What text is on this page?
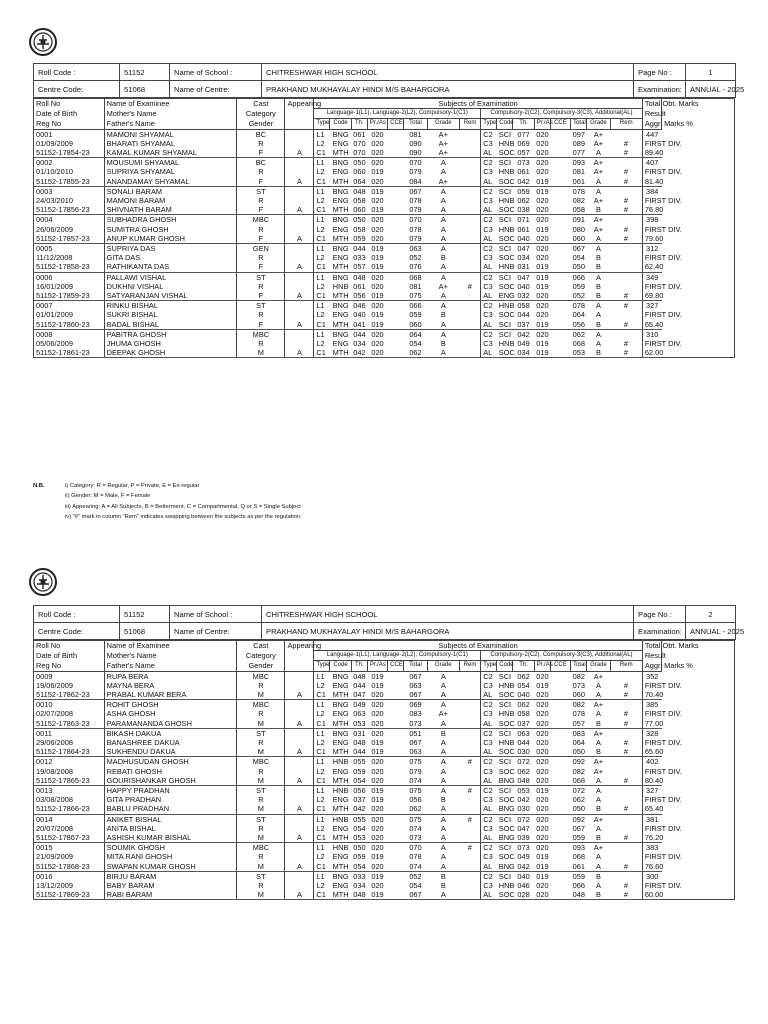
Roll Code :	51152	Name of School :	CHITRESHWAR HIGH SCHOOL	Page No :	1
Centre Code:	51068	Name of Centre:	PRAKHAND MUKHAYALAY HINDI M/S BAHARGORA	Examination:	ANNUAL - 2025
Roll No	Name of Examinee	Cast	Appearing	Subjects of Examination																Total Obt. Marks
Date of Birth	Mother's Name	Category		Language-1(L1), Language-2(L2), Compulsory-1(C1)								Compulsory-2(C2), Compulsory-3(C3), Additional(AL)								Result
Reg No	Father's Name	Gender		Type	Code	Th.	Pr./As	CCE	Total	Grade	Rem	Type	Code	Th.	Pr./As	CCE	Total	Grade	Rem	Aggr. Marks %
0001	MAMONI SHYAMAL	BC		L1	BNG	061	020		081	A+		C2	SCI	077	020		097	A+		447
01/09/2009	BHARATI SHYAMAL	R		L2	ENG	070	020		090	A+		C3	HNB	069	020		089	A+	#	FIRST DIV.
51152-17854-23	KAMAL KUMAR SHYAMAL	F	A	C1	MTH	070	020		090	A+		AL	SOC	057	020		077	A	#	89.40
0002	MOUSUMI SHYAMAL	BC		L1	BNG	050	020		070	A		C2	SCI	073	020		093	A+		407
01/10/2010	SUPRIYA SHYAMAL	R		L2	ENG	060	019		079	A		C3	HNB	061	020		081	A+	#	FIRST DIV.
51152-17855-23	ANANDAMAY SHYAMAL	F	A	C1	MTH	064	020		084	A+		AL	SOC	042	019		061	A	#	81.40
0003	SONALI BARAM	ST		L1	BNG	048	019		067	A		C2	SCI	059	019		078	A		384
24/03/2010	MAMONI BARAM	R		L2	ENG	058	020		078	A		C3	HNB	062	020		082	A+	#	FIRST DIV.
51152-17856-23	SHIVNATH BARAM	F	A	C1	MTH	060	019		079	A		AL	SOC	038	020		058	B	#	76.80
0004	SUBHADRA GHOSH	MBC		L1	BNG	050	020		070	A		C2	SCI	071	020		091	A+		398
26/06/2009	SUMITRA GHOSH	R		L2	ENG	058	020		078	A		C3	HNB	061	019		080	A+	#	FIRST DIV.
51152-17857-23	ANUP KUMAR GHOSH	F	A	C1	MTH	059	020		079	A		AL	SOC	040	020		060	A	#	79.60
0005	SUPRIYA DAS	GEN		L1	BNG	044	019		063	A		C2	SCI	047	020		067	A		312
11/12/2008	GITA DAS	R		L2	ENG	033	019		052	B		C3	SOC	034	020		054	B		FIRST DIV.
51152-17858-23	RATHIKANTA DAS	F	A	C1	MTH	057	019		076	A		AL	HNB	031	019		050	B		62.40
0006	PALLAWI VISHAL	ST		L1	BNG	048	020		068	A		C2	SCI	047	019		066	A		349
16/01/2009	DUKHNI VISHAL	R		L2	HNB	061	020		081	A+	#	C3	SOC	040	019		059	B		FIRST DIV.
51152-17859-23	SATYARANJAN VISHAL	F	A	C1	MTH	056	019		075	A		AL	ENG	032	020		052	B	#	69.80
0007	RINKU BISHAL	ST		L1	BNG	046	020		066	A		C2	HNB	058	020		078	A	#	327
01/01/2009	SUKRI BISHAL	R		L2	ENG	040	019		059	B		C3	SOC	044	020		064	A		FIRST DIV.
51152-17860-23	BADAL BISHAL	F	A	C1	MTH	041	019		060	A		AL	SCI	037	019		056	B	#	65.40
0008	PABITRA GHOSH	MBC		L1	BNG	044	020		064	A		C2	SCI	042	020		062	A		310
05/06/2009	JHUMA GHOSH	R		L2	ENG	034	020		054	B		C3	HNB	049	019		068	A	#	FIRST DIV.
51152-17861-23	DEEPAK GHOSH	M	A	C1	MTH	042	020		062	A		AL	SOC	034	019		053	B	#	62.00
Roll Code :	51152	Name of School :	CHITRESHWAR HIGH SCHOOL	Page No :	2
Centre Code:	51068	Name of Centre:	PRAKHAND MUKHAYALAY HINDI M/S BAHARGORA	Examination:	ANNUAL - 2025
Roll No	Name of Examinee	Cast	Appearing	Subjects of Examination																Total Obt. Marks
Date of Birth	Mother's Name	Category		Language-1(L1), Language-2(L2), Compulsory-1(C1)								Compulsory-2(C2), Compulsory-3(C3), Additional(AL)								Result
Reg No	Father's Name	Gender		Type	Code	Th.	Pr./As	CCE	Total	Grade	Rem	Type	Code	Th.	Pr./As	CCE	Total	Grade	Rem	Aggr. Marks %
0009	RUPA BERA	MBC		L1	BNG	048	019		067	A		C2	SCI	062	020		082	A+		352
19/06/2009	MAYNA BERA	R		L2	ENG	044	019		063	A		C3	HNB	054	019		073	A	#	FIRST DIV.
51152-17862-23	PRABAL KUMAR BERA	M	A	C1	MTH	047	020		067	A		AL	SOC	040	020		060	A	#	70.40
0010	ROHIT GHOSH	MBC		L1	BNG	049	020		069	A		C2	SCI	062	020		082	A+		385
02/07/2008	ASHA GHOSH	R		L2	ENG	063	020		083	A+		C3	HNB	058	020		078	A	#	FIRST DIV.
51152-17863-23	PARAMANANDA GHOSH	M	A	C1	MTH	053	020		073	A		AL	SOC	037	020		057	B	#	77.00
0011	BIKASH DAKUA	ST		L1	BNG	031	020		051	B		C2	SCI	063	020		083	A+		328
29/06/2008	BANASHREE DAKUA	R		L2	ENG	048	019		067	A		C3	HNB	044	020		064	A	#	FIRST DIV.
51152-17864-23	SUKHENDU DAKUA	M	A	C1	MTH	044	019		063	A		AL	SOC	030	020		050	B	#	65.60
0012	MADHUSUDAN GHOSH	MBC		L1	HNB	055	020		075	A	#	C2	SCI	072	020		092	A+		402
19/08/2008	REBATI GHOSH	R		L2	ENG	059	020		079	A		C3	SOC	062	020		082	A+		FIRST DIV.
51152-17865-23	GOURISHANKAR GHOSH	M	A	C1	MTH	054	020		074	A		AL	BNG	048	020		068	A	#	80.40
0013	HAPPY PRADHAN	ST		L1	HNB	056	019		075	A	#	C2	SCI	053	019		072	A		327
03/08/2008	GITA PRADHAN	R		L2	ENG	037	019		056	B		C3	SOC	042	020		062	A		FIRST DIV.
51152-17866-23	BABLU PRADHAN	M	A	C1	MTH	042	020		062	A		AL	BNG	030	020		050	B	#	65.40
0014	ANIKET BISHAL	ST		L1	HNB	055	020		075	A	#	C2	SCI	072	020		092	A+		381
20/07/2008	ANITA BISHAL	R		L2	ENG	054	020		074	A		C3	SOC	047	020		067	A		FIRST DIV.
51152-17867-23	ASHISH KUMAR BISHAL	M	A	C1	MTH	053	020		073	A		AL	BNG	039	020		059	B	#	76.20
0015	SOUMIK GHOSH	MBC		L1	HNB	050	020		070	A	#	C2	SCI	073	020		093	A+		383
21/09/2009	MITA RANI GHOSH	R		L2	ENG	059	019		078	A		C3	SOC	049	019		068	A		FIRST DIV.
51152-17868-23	SWAPAN KUMAR GHOSH	M	A	C1	MTH	054	020		074	A		AL	BNG	042	019		061	A	#	76.60
0016	BIRJU BARAM	ST		L1	BNG	033	019		052	B		C2	SCI	040	019		059	B		300
13/12/2009	BABY BARAM	R		L2	ENG	034	020		054	B		C3	HNB	046	020		066	A	#	FIRST DIV.
51152-17869-23	RABI BARAM	M	A	C1	MTH	048	019		067	A		AL	SOC	028	020		048	B	#	60.00
N.B.	i) Category: R = Regular, P = Private, E = Ex-regular
ii) Gender: M = Male, F = Female
iii) Appearing: A = All Subjects, B = Betterment, C = Compartmental, Q or S = Single Subject
iv) "#" mark in column "Rem" indicates swapping between the subjects as per the regulation.
